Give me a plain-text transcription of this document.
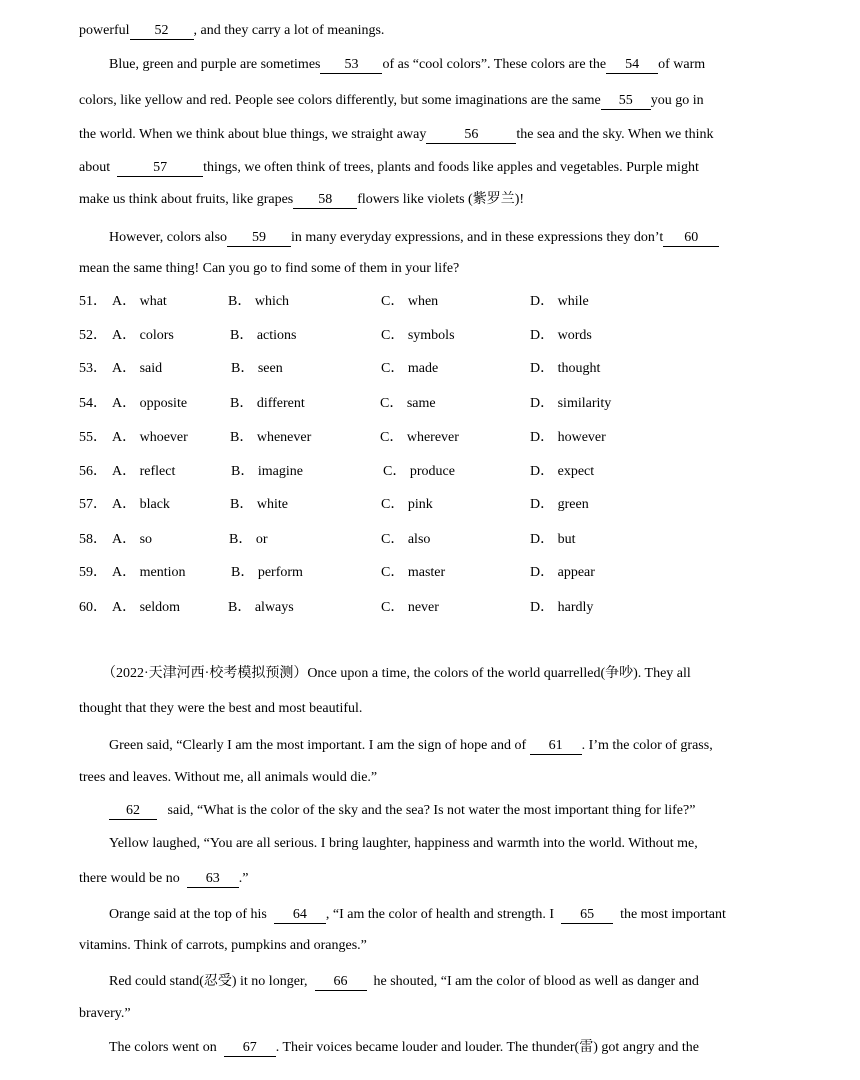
powerful 52 , and they carry a lot of meanings.
Blue, green and purple are sometimes 53 of as “cool colors”. These colors are the 54 of warm
colors, like yellow and red. People see colors differently, but some imaginations are the same 55 you go in
the world. When we think about blue things, we straight away	56	the sea and the sky. When we think
about	57	things, we often think of trees, plants and foods like apples and vegetables. Purple might
make us think about fruits, like grapes 58 flowers like violets (紫罗兰)!
However, colors also 59 in many everyday expressions, and in these expressions they don’t 60
mean the same thing! Can you go to find some of them in your life?
51． A． what	B． which	C． when	D． while
52． A． colors	B． actions	C． symbols	D． words
53． A． said	B． seen	C． made	D． thought
54． A． opposite	B． different	C． same	D． similarity
55． A． whoever	B． whenever	C． wherever	D． however
56． A． reflect	B． imagine	C． produce	D． expect
57． A． black	B． white	C． pink	D． green
58． A． so	B． or	C． also	D． but
59． A． mention	B． perform	C． master	D． appear
60． A． seldom	B． always	C． never	D． hardly
（2022·天津河西·校考模拟预测）Once upon a time, the colors of the world quarrelled(争吵). They all
thought that they were the best and most beautiful.
Green said, “Clearly I am the most important. I am the sign of hope and of 61 . I’m the color of grass,
trees and leaves. Without me, all animals would die.”
62 said, “What is the color of the sky and the sea? Is not water the most important thing for life?”
Yellow laughed, “You are all serious. I bring laughter, happiness and warmth into the world. Without me,
there would be no 63 .”
Orange said at the top of his 64 , “I am the color of health and strength. I 65 the most important
vitamins. Think of carrots, pumpkins and oranges.”
Red could stand(忍受) it no longer, 66 he shouted, “I am the color of blood as well as danger and
bravery.”
The colors went on 67 . Their voices became louder and louder. The thunder(雷) got angry and the
